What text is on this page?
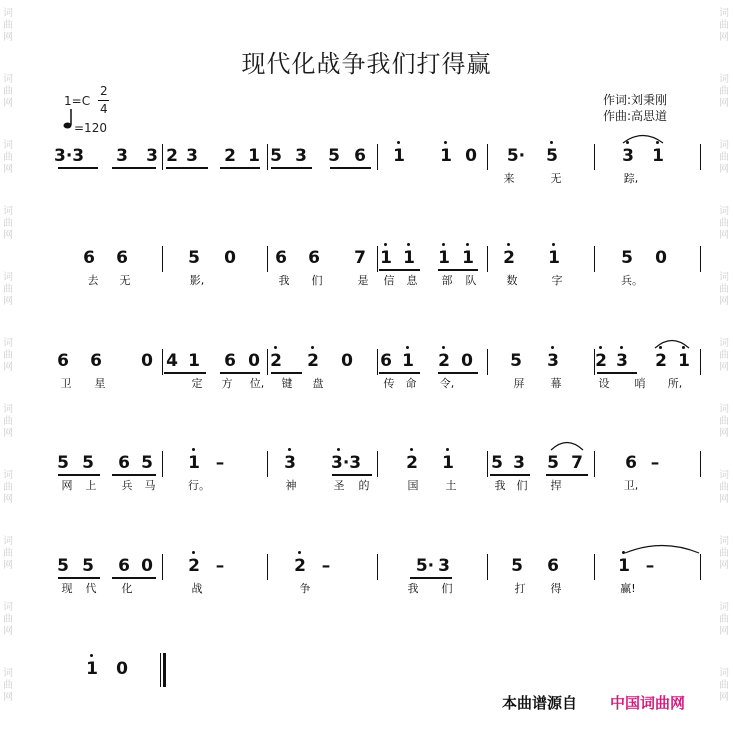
词
曲
网
词
曲
网
词
曲
网
词
曲
网
词
曲
网
词
曲
网
词
曲
网
词
曲
网
词
曲
网
词
曲
网
词
曲
网
词
曲
网
词
曲
网
词
曲
网
词
曲
网
词
曲
网
词
曲
网
词
曲
网
词
曲
网
词
曲
网
词
曲
网
词
曲
网
现代化战争我们打得赢
1=C
2
4
=120
作词:刘秉刚
作曲:高思道
3·3 3 3 2 3 2 1 5 3 5 6 1 1 0	5·	5	3 1
来	无	踪,
6 6	5 0 6 6 7 1 1 1 1 2 1	5 0
去	无	影,	我	们	是	信	息	部	队	数	字	兵。
6 6 0 4 1 6 0 2 2 0 6 1 2 0 5 3 2 3 2 1
卫	星	定	方	位,	键	盘	传	命	令,	屏	幕	设	哨	所,
5 5 6 5 1 –	3 3·3	2 1 5 3 5 7 6 –
网	上	兵	马	行。	神	圣	的	国	土	我	们	捍	卫,
5 5 6 0 2 –	2 –	5· 3	5 6	1 –
现	代	化	战	争	我	们	打	得	赢!
1 0
本曲谱源自 中国词曲网
